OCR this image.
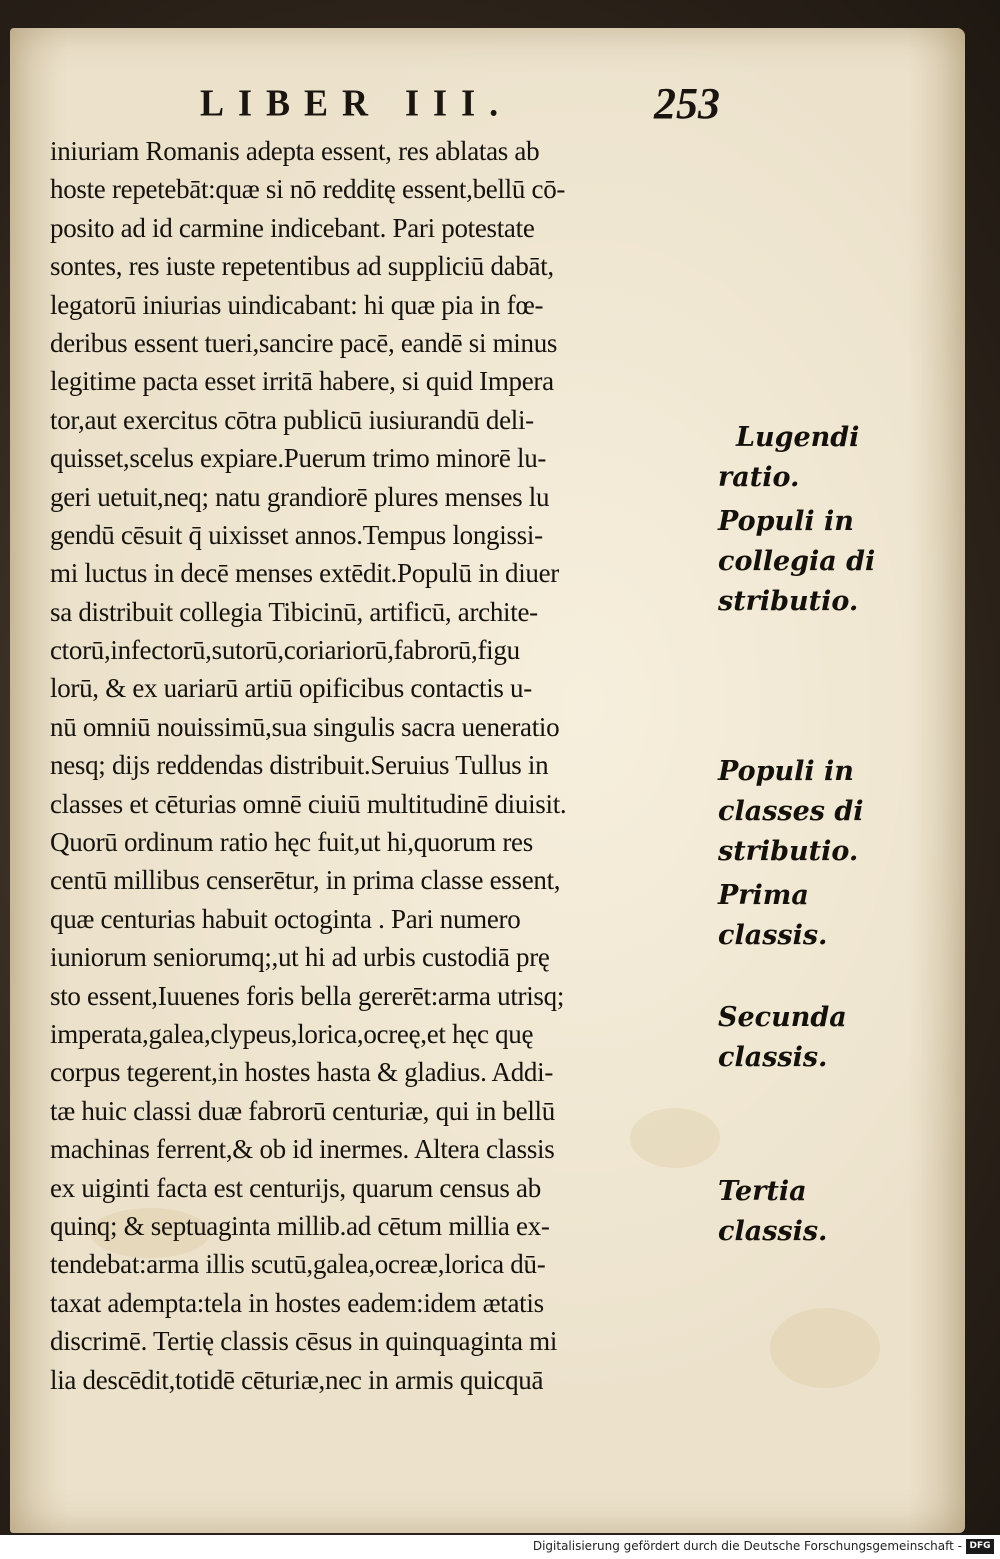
LIBER III.	253
iniuriam Romanis adepta essent, res ablatas ab
hoste repetebāt:quæ si nō redditę essent,bellū cō-
posito ad id carmine indicebant. Pari potestate
sontes, res iuste repetentibus ad suppliciū dabāt,
legatorū iniurias uindicabant: hi quæ pia in fœ-
deribus essent tueri,sancire pacē, eandē si minus
legitime pacta esset irritā habere, si quid Impera
tor,aut exercitus cōtra publicū iusiurandū deli-
quisset,scelus expiare.Puerum trimo minorē lu-
geri uetuit,neq; natu grandiorē plures menses lu
gendū cēsuit q̄ uixisset annos.Tempus longissi-
mi luctus in decē menses extēdit.Populū in diuer
sa distribuit collegia Tibicinū, artificū, archite-
ctorū,infectorū,sutorū,coriariorū,fabrorū,figu
lorū, & ex uariarū artiū opificibus contactis u-
nū omniū nouissimū,sua singulis sacra ueneratio
nesq; dijs reddendas distribuit.Seruius Tullus in
classes et cēturias omnē ciuiū multitudinē diuisit.
Quorū ordinum ratio hęc fuit,ut hi,quorum res
centū millibus censerētur, in prima classe essent,
quæ centurias habuit octoginta . Pari numero
iuniorum seniorumq;,ut hi ad urbis custodiā prę
sto essent,Iuuenes foris bella gererēt:arma utrisq;
imperata,galea,clypeus,lorica,ocreę,et hęc quę
corpus tegerent,in hostes hasta & gladius. Addi-
tæ huic classi duæ fabrorū centuriæ, qui in bellū
machinas ferrent,& ob id inermes. Altera classis
ex uiginti facta est centurijs, quarum census ab
quinq; & septuaginta millib.ad cētum millia ex-
tendebat:arma illis scutū,galea,ocreæ,lorica dū-
taxat adempta:tela in hostes eadem:idem ætatis
discrimē. Tertię classis cēsus in quinquaginta mi
lia descēdit,totidē cēturiæ,nec in armis quicquā
Lugendi
ratio.
Populi in
collegia di
stributio.
Populi in
classes di
stributio.
Prima
classis.
Secunda
classis.
Tertia
classis.
Digitalisierung gefördert durch die Deutsche Forschungsgemeinschaft - DFG
